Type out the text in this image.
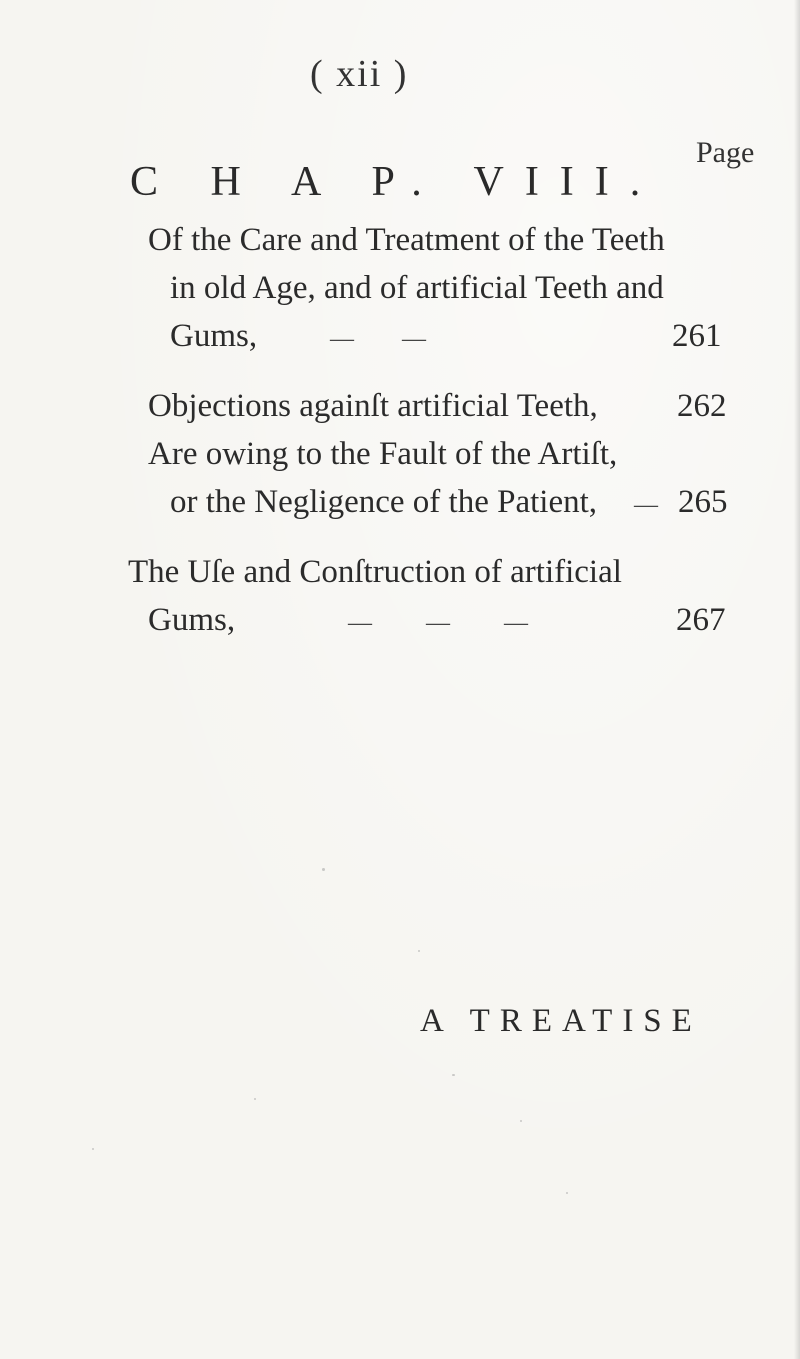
( xii )
Page
C H A P. VIII.
Of the Care and Treatment of the Teeth
in old Age, and of artificial Teeth and
Gums,	— —	261
Objections againſt artificial Teeth, 262
Are owing to the Fault of the Artiſt,
or the Negligence of the Patient, — 265
The Uſe and Conſtruction of artificial
Gums,	— — —	267
A TREATISE
